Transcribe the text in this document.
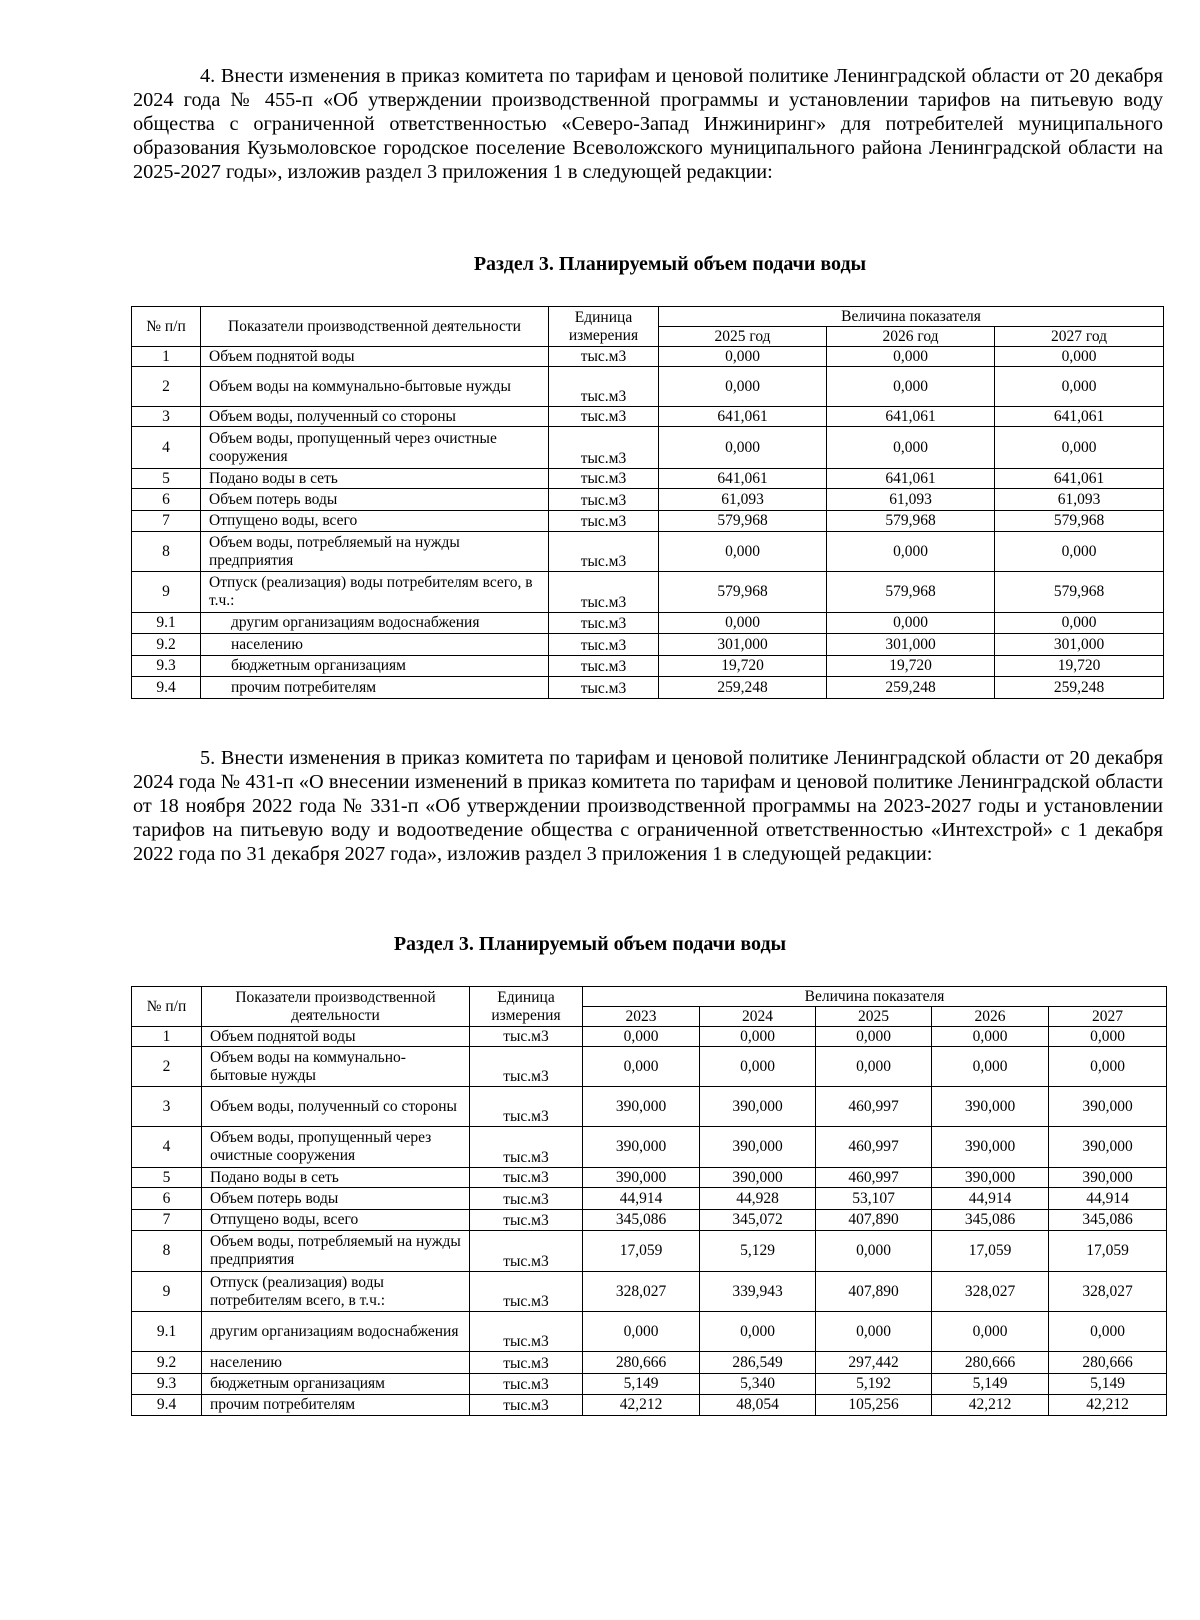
4. Внести изменения в приказ комитета по тарифам и ценовой политике Ленинградской области от 20 декабря 2024 года № 455-п «Об утверждении производственной программы и установлении тарифов на питьевую воду общества с ограниченной ответственностью «Северо-Запад Инжиниринг» для потребителей муниципального образования Кузьмоловское городское поселение Всеволожского муниципального района Ленинградской области на 2025-2027 годы», изложив раздел 3 приложения 1 в следующей редакции:

Раздел 3. Планируемый объем подачи воды
№ п/п	Показатели производственной деятельности	Единица измерения	Величина показателя		
			2025 год	2026 год	2027 год
1	Объем поднятой воды	тыс.м3	0,000	0,000	0,000
2	Объем воды на коммунально-бытовые нужды	тыс.м3	0,000	0,000	0,000
3	Объем воды, полученный со стороны	тыс.м3	641,061	641,061	641,061
4	Объем воды, пропущенный через очистные сооружения	тыс.м3	0,000	0,000	0,000
5	Подано воды в сеть	тыс.м3	641,061	641,061	641,061
6	Объем потерь воды	тыс.м3	61,093	61,093	61,093
7	Отпущено воды, всего	тыс.м3	579,968	579,968	579,968
8	Объем воды, потребляемый на нужды предприятия	тыс.м3	0,000	0,000	0,000
9	Отпуск (реализация) воды потребителям всего, в т.ч.:	тыс.м3	579,968	579,968	579,968
9.1	другим организациям водоснабжения	тыс.м3	0,000	0,000	0,000
9.2	населению	тыс.м3	301,000	301,000	301,000
9.3	бюджетным организациям	тыс.м3	19,720	19,720	19,720
9.4	прочим потребителям	тыс.м3	259,248	259,248	259,248

5. Внести изменения в приказ комитета по тарифам и ценовой политике Ленинградской области от 20 декабря 2024 года № 431-п «О внесении изменений в приказ комитета по тарифам и ценовой политике Ленинградской области от 18 ноября 2022 года № 331-п «Об утверждении производственной программы на 2023-2027 годы и установлении тарифов на питьевую воду и водоотведение общества с ограниченной ответственностью «Интехстрой» с 1 декабря 2022 года по 31 декабря 2027 года», изложив раздел 3 приложения 1 в следующей редакции:

Раздел 3. Планируемый объем подачи воды
№ п/п	Показатели производственной деятельности	Единица измерения	Величина показателя				
			2023	2024	2025	2026	2027
1	Объем поднятой воды	тыс.м3	0,000	0,000	0,000	0,000	0,000
2	Объем воды на коммунально-бытовые нужды	тыс.м3	0,000	0,000	0,000	0,000	0,000
3	Объем воды, полученный со стороны	тыс.м3	390,000	390,000	460,997	390,000	390,000
4	Объем воды, пропущенный через очистные сооружения	тыс.м3	390,000	390,000	460,997	390,000	390,000
5	Подано воды в сеть	тыс.м3	390,000	390,000	460,997	390,000	390,000
6	Объем потерь воды	тыс.м3	44,914	44,928	53,107	44,914	44,914
7	Отпущено воды, всего	тыс.м3	345,086	345,072	407,890	345,086	345,086
8	Объем воды, потребляемый на нужды предприятия	тыс.м3	17,059	5,129	0,000	17,059	17,059
9	Отпуск (реализация) воды потребителям всего, в т.ч.:	тыс.м3	328,027	339,943	407,890	328,027	328,027
9.1	другим организациям водоснабжения	тыс.м3	0,000	0,000	0,000	0,000	0,000
9.2	населению	тыс.м3	280,666	286,549	297,442	280,666	280,666
9.3	бюджетным организациям	тыс.м3	5,149	5,340	5,192	5,149	5,149
9.4	прочим потребителям	тыс.м3	42,212	48,054	105,256	42,212	42,212
